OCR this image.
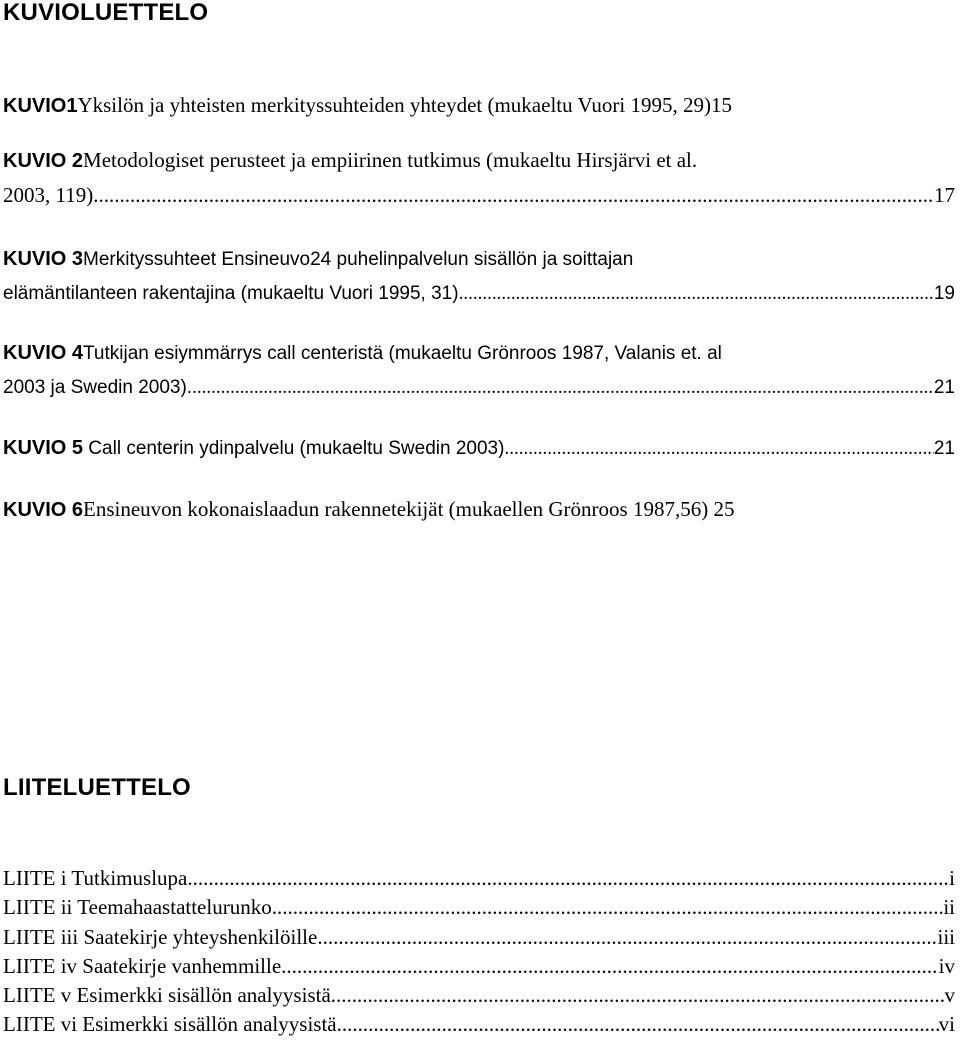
KUVIOLUETTELO
KUVIO1 Yksilön ja yhteisten merkityssuhteiden yhteydet (mukaeltu Vuori 1995, 29)15
KUVIO 2 Metodologiset perusteet ja empiirinen tutkimus (mukaeltu Hirsjärvi et al.
2003, 119). .....	17
KUVIO 3 Merkityssuhteet Ensineuvo24 puhelinpalvelun sisällön ja soittajan
elämäntilanteen rakentajina (mukaeltu Vuori 1995, 31) .....	19
KUVIO 4 Tutkijan esiymmärrys call centeristä (mukaeltu Grönroos 1987, Valanis et. al
2003 ja Swedin 2003). .....	21
KUVIO 5 Call centerin ydinpalvelu (mukaeltu Swedin 2003) .....	21
KUVIO 6 Ensineuvon kokonaislaadun rakennetekijät (mukaellen Grönroos 1987,56) 25
LIITELUETTELO
LIITE i Tutkimuslupa .....	i
LIITE ii Teemahaastattelurunko .....	ii
LIITE iii Saatekirje yhteyshenkilöille .....	iii
LIITE iv Saatekirje vanhemmille .....	iv
LIITE v Esimerkki sisällön analyysistä .....	v
LIITE vi Esimerkki sisällön analyysistä .....	vi
